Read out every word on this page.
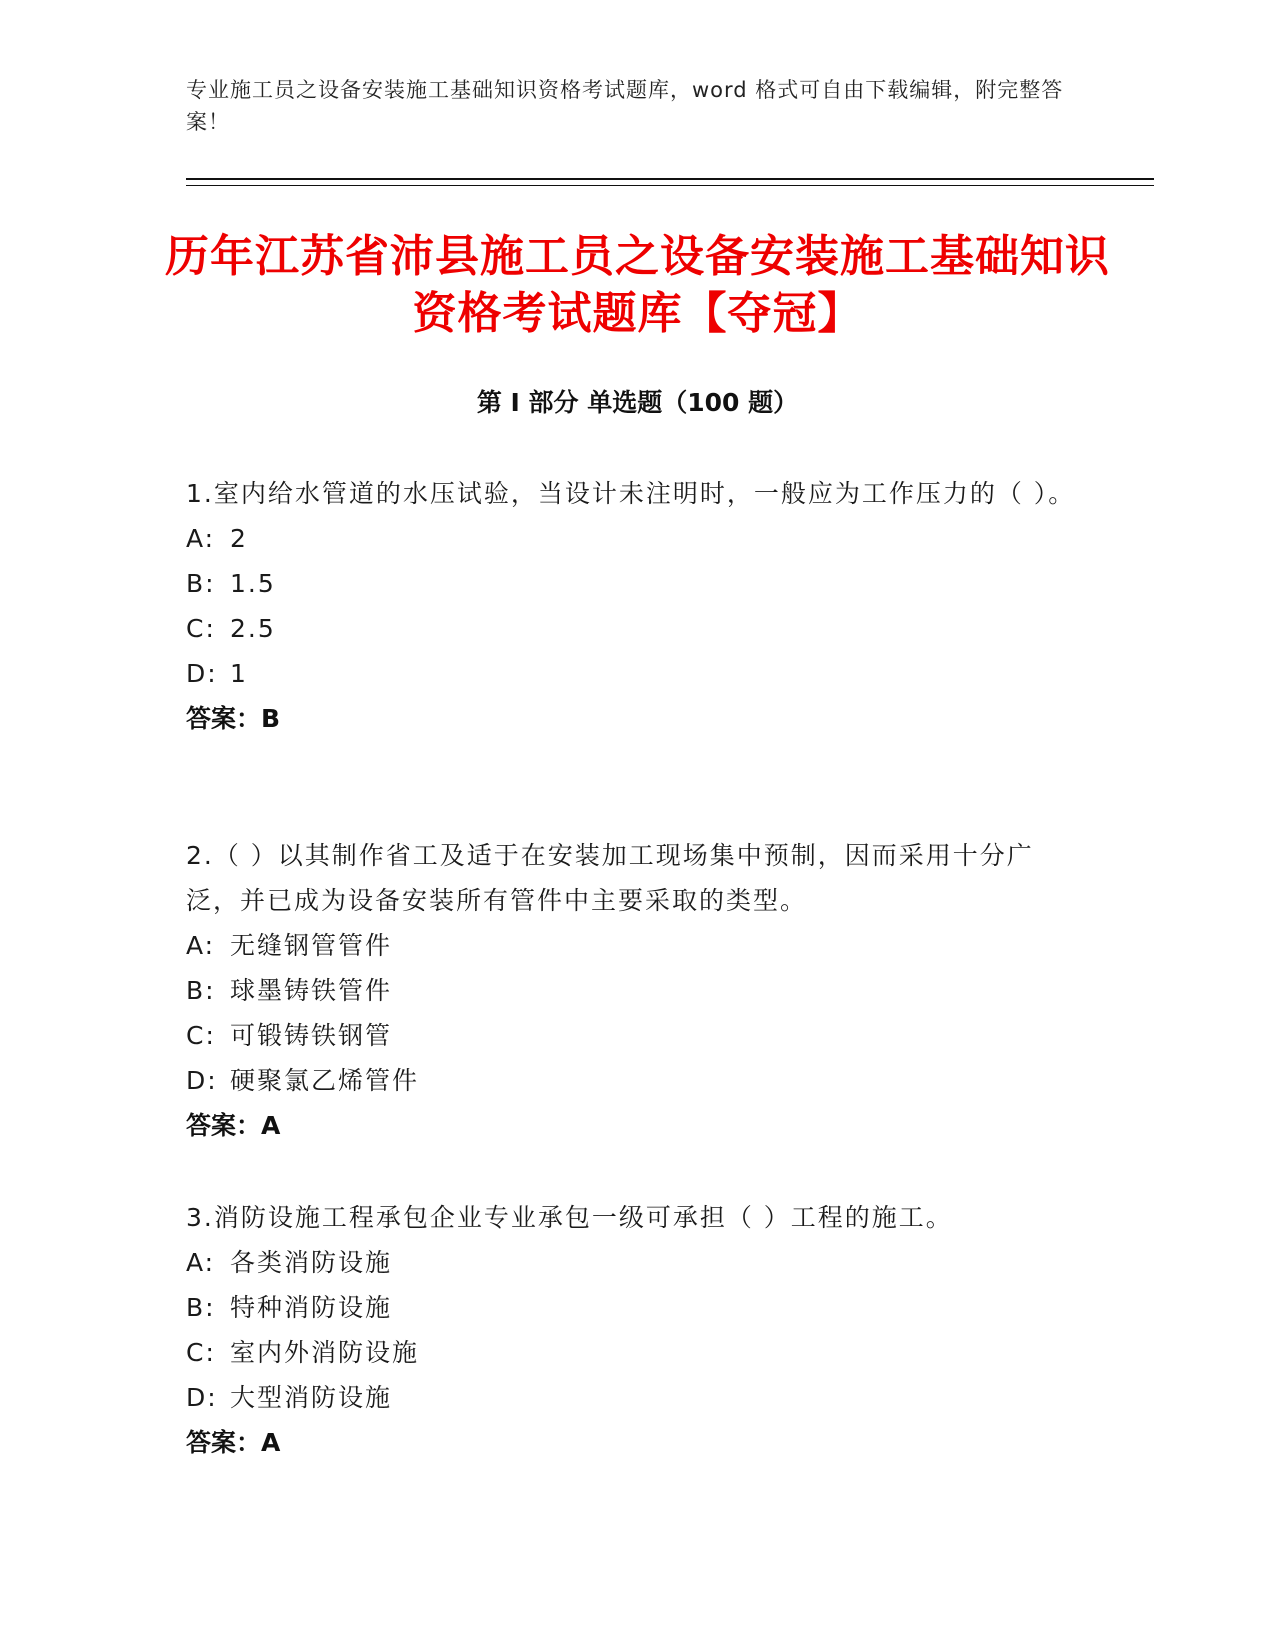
专业施工员之设备安装施工基础知识资格考试题库，word 格式可自由下载编辑，附完整答案！
历年江苏省沛县施工员之设备安装施工基础知识资格考试题库【夺冠】
第 I 部分 单选题（100 题）
1.室内给水管道的水压试验，当设计未注明时，一般应为工作压力的（ ）。
A: 2
B: 1.5
C: 2.5
D: 1
答案：B
2.（ ）以其制作省工及适于在安装加工现场集中预制，因而采用十分广泛，并已成为设备安装所有管件中主要采取的类型。
A: 无缝钢管管件
B: 球墨铸铁管件
C: 可锻铸铁钢管
D: 硬聚氯乙烯管件
答案：A
3.消防设施工程承包企业专业承包一级可承担（ ）工程的施工。
A: 各类消防设施
B: 特种消防设施
C: 室内外消防设施
D: 大型消防设施
答案：A
